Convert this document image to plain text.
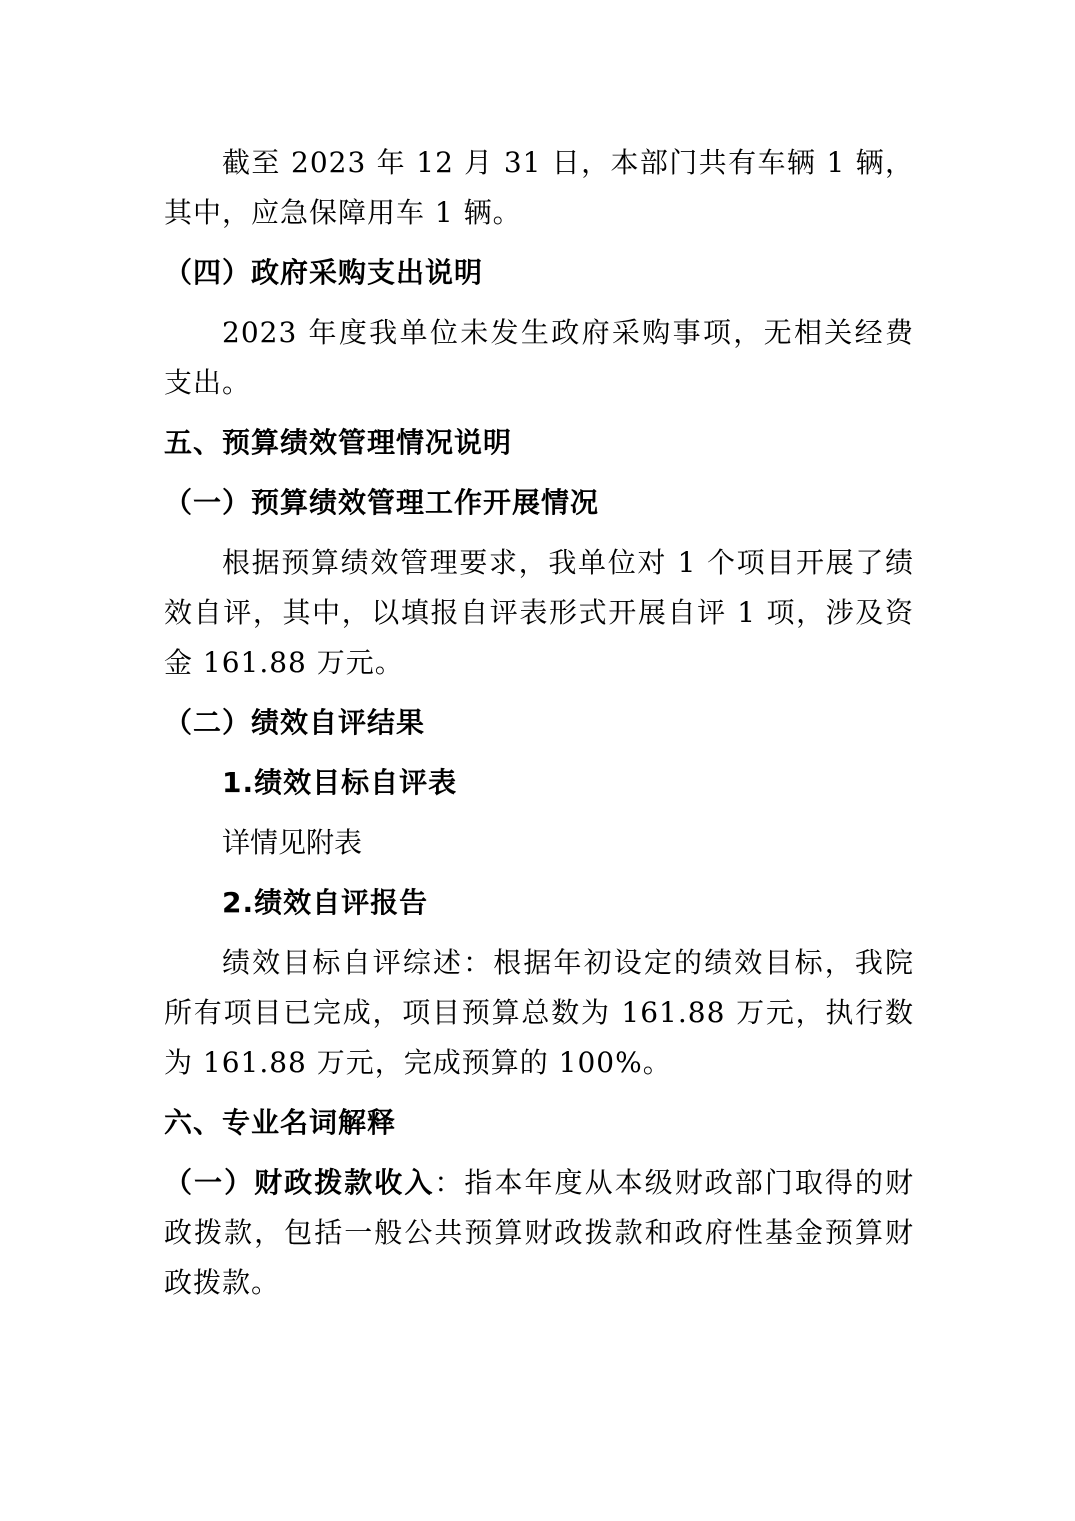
截至 2023 年 12 月 31 日，本部门共有车辆 1 辆，其中，应急保障用车 1 辆。

（四）政府采购支出说明

2023 年度我单位未发生政府采购事项，无相关经费支出。

五、预算绩效管理情况说明

（一）预算绩效管理工作开展情况

根据预算绩效管理要求，我单位对 1 个项目开展了绩效自评，其中，以填报自评表形式开展自评 1 项，涉及资金 161.88 万元。

（二）绩效自评结果

1.绩效目标自评表

详情见附表

2.绩效自评报告

绩效目标自评综述：根据年初设定的绩效目标，我院所有项目已完成，项目预算总数为 161.88 万元，执行数为 161.88 万元，完成预算的 100%。

六、专业名词解释

（一）财政拨款收入：指本年度从本级财政部门取得的财政拨款，包括一般公共预算财政拨款和政府性基金预算财政拨款。
